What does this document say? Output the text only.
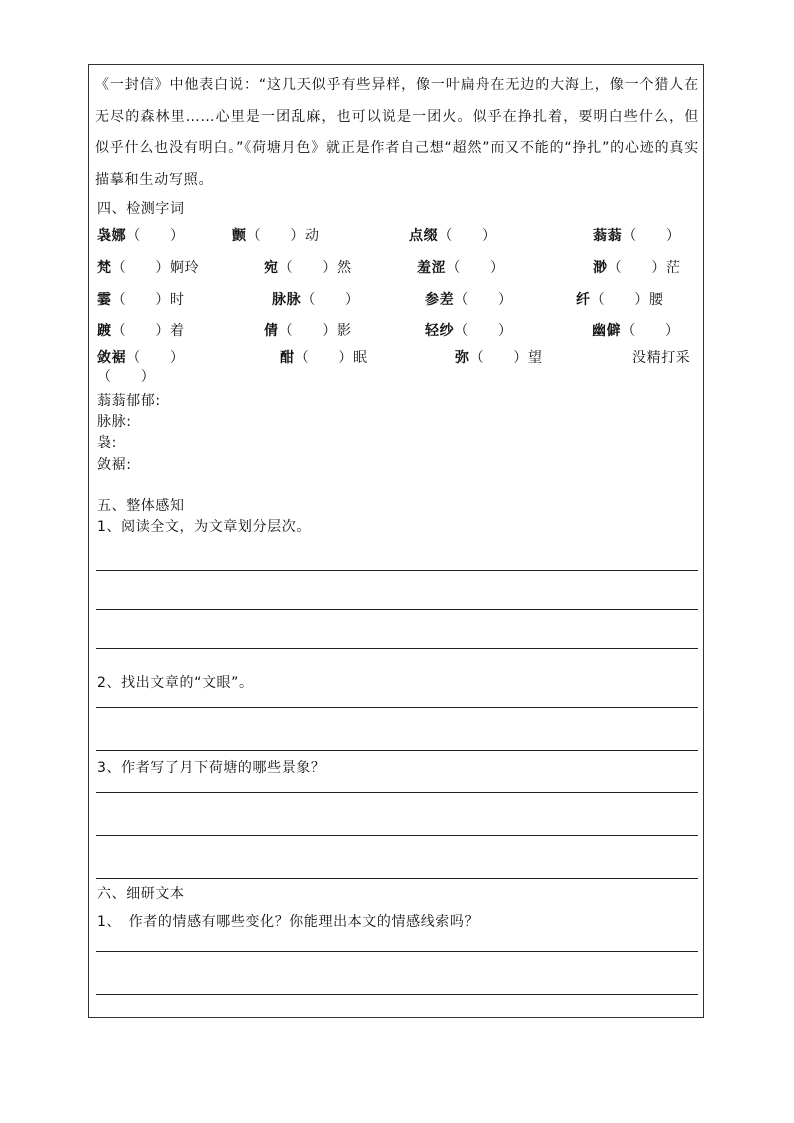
《一封信》中他表白说：“这几天似乎有些异样，像一叶扁舟在无边的大海上，像一个猎人在无尽的森林里……心里是一团乱麻，也可以说是一团火。似乎在挣扎着，要明白些什么，但似乎什么也没有明白。”《荷塘月色》就正是作者自己想“超然”而又不能的“挣扎”的心迹的真实描摹和生动写照。

四、检测字词
袅娜（　　）	颤（　　）动	点缀（　　）	蓊蓊（　　）
梵（　　）婀玲	宛（　　）然	羞涩（　　）	渺（　　）茫
霎（　　）时	脉脉（　　）	参差（　　）	纤（　　）腰
踱（　　）着	倩（　　）影	轻纱（　　）	幽僻（　　）
敛裾（　　）	酣（　　）眠	弥（　　）望	没精打采
（　　）
蓊蓊郁郁:
脉脉:
袅:
敛裾:
五、整体感知
1、阅读全文，为文章划分层次。
2、找出文章的“文眼”。
3、作者写了月下荷塘的哪些景象？
六、细研文本
1、　作者的情感有哪些变化？你能理出本文的情感线索吗？
